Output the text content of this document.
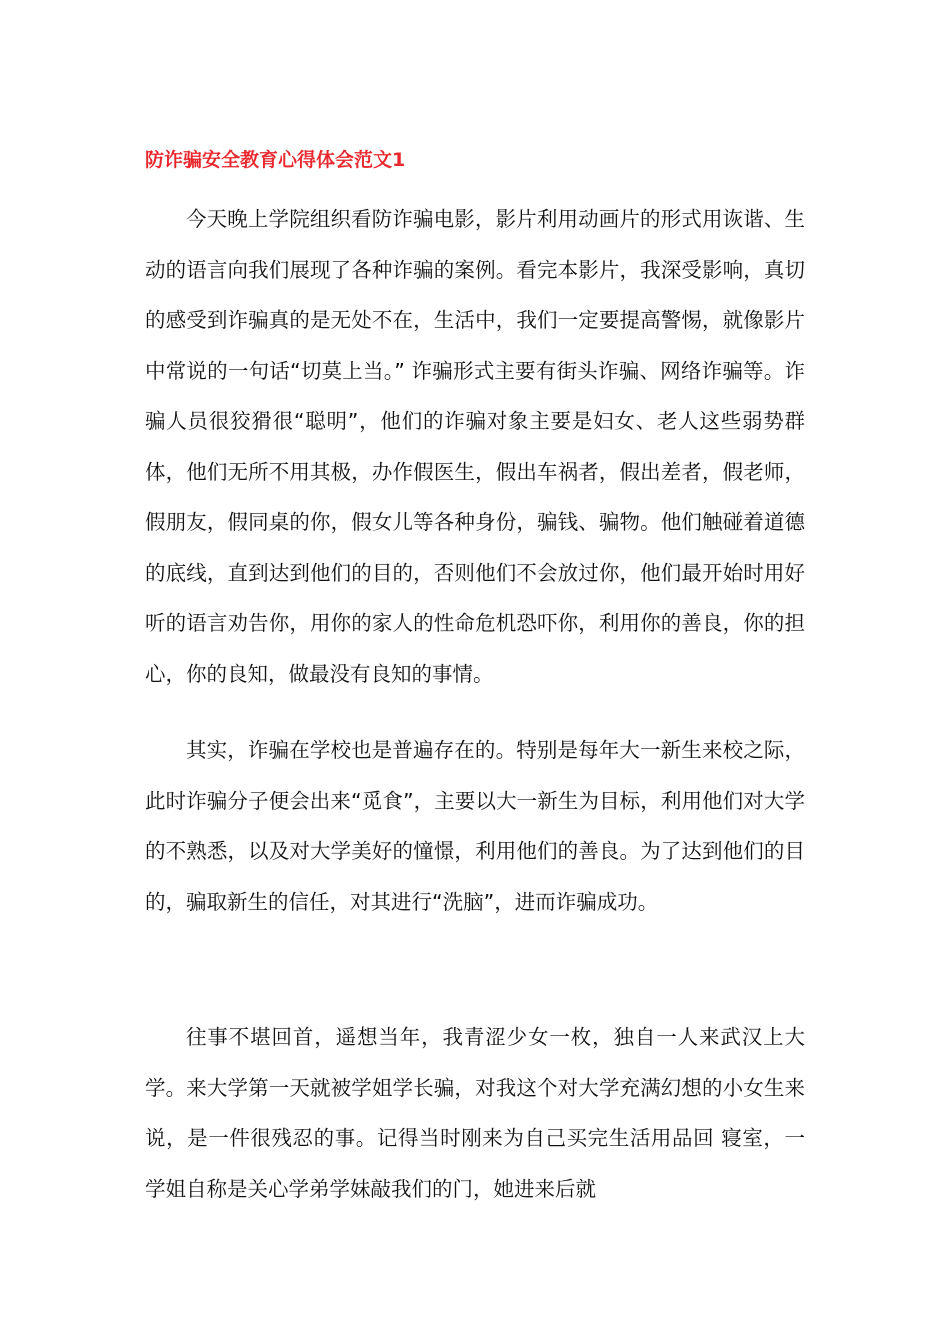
防诈骗安全教育心得体会范文1

今天晚上学院组织看防诈骗电影，影片利用动画片的形式用诙谐、生动的语言向我们展现了各种诈骗的案例。看完本影片，我深受影响，真切的感受到诈骗真的是无处不在，生活中，我们一定要提高警惕，就像影片中常说的一句话“切莫上当。” 诈骗形式主要有街头诈骗、网络诈骗等。诈骗人员很狡猾很“聪明”，他们的诈骗对象主要是妇女、老人这些弱势群体，他们无所不用其极，办作假医生，假出车祸者，假出差者，假老师，假朋友，假同桌的你，假女儿等各种身份，骗钱、骗物。他们触碰着道德的底线，直到达到他们的目的，否则他们不会放过你，他们最开始时用好听的语言劝告你，用你的家人的性命危机恐吓你，利用你的善良，你的担心，你的良知，做最没有良知的事情。

其实，诈骗在学校也是普遍存在的。特别是每年大一新生来校之际，此时诈骗分子便会出来“觅食”，主要以大一新生为目标，利用他们对大学的不熟悉，以及对大学美好的憧憬，利用他们的善良。为了达到他们的目的，骗取新生的信任，对其进行“洗脑”，进而诈骗成功。

往事不堪回首，遥想当年，我青涩少女一枚，独自一人来武汉上大学。来大学第一天就被学姐学长骗，对我这个对大学充满幻想的小女生来说，是一件很残忍的事。记得当时刚来为自己买完生活用品回 寝室，一学姐自称是关心学弟学妹敲我们的门，她进来后就
